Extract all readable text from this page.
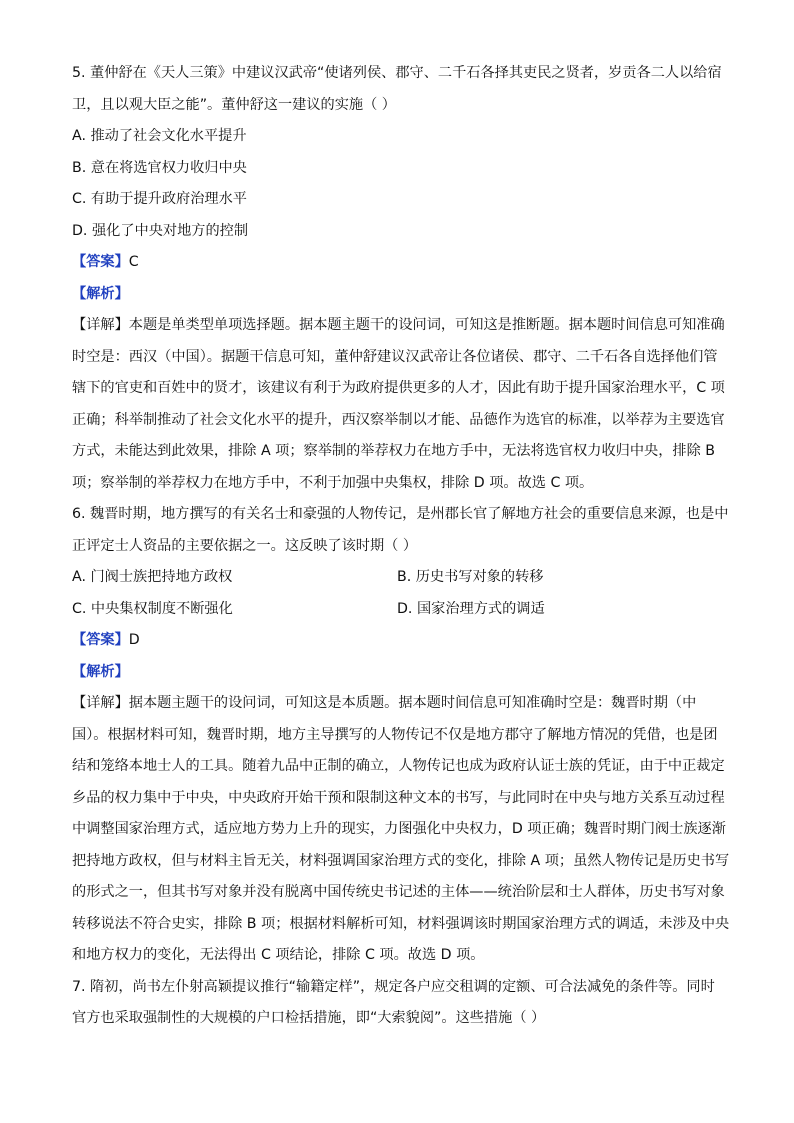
5. 董仲舒在《天人三策》中建议汉武帝“使诸列侯、郡守、二千石各择其吏民之贤者，岁贡各二人以给宿
卫，且以观大臣之能”。董仲舒这一建议的实施（ ）
A. 推动了社会文化水平提升
B. 意在将选官权力收归中央
C. 有助于提升政府治理水平
D. 强化了中央对地方的控制
【答案】C
【解析】
【详解】本题是单类型单项选择题。据本题主题干的设问词，可知这是推断题。据本题时间信息可知准确
时空是：西汉（中国）。据题干信息可知，董仲舒建议汉武帝让各位诸侯、郡守、二千石各自选择他们管
辖下的官吏和百姓中的贤才，该建议有利于为政府提供更多的人才，因此有助于提升国家治理水平，C 项
正确；科举制推动了社会文化水平的提升，西汉察举制以才能、品德作为选官的标准，以举荐为主要选官
方式，未能达到此效果，排除 A 项；察举制的举荐权力在地方手中，无法将选官权力收归中央，排除 B
项；察举制的举荐权力在地方手中，不利于加强中央集权，排除 D 项。故选 C 项。
6. 魏晋时期，地方撰写的有关名士和豪强的人物传记，是州郡长官了解地方社会的重要信息来源，也是中
正评定士人资品的主要依据之一。这反映了该时期（ ）
A. 门阀士族把持地方政权	B. 历史书写对象的转移
C. 中央集权制度不断强化	D. 国家治理方式的调适
【答案】D
【解析】
【详解】据本题主题干的设问词，可知这是本质题。据本题时间信息可知准确时空是：魏晋时期（中
国）。根据材料可知，魏晋时期，地方主导撰写的人物传记不仅是地方郡守了解地方情况的凭借，也是团
结和笼络本地士人的工具。随着九品中正制的确立，人物传记也成为政府认证士族的凭证，由于中正裁定
乡品的权力集中于中央，中央政府开始干预和限制这种文本的书写，与此同时在中央与地方关系互动过程
中调整国家治理方式，适应地方势力上升的现实，力图强化中央权力，D 项正确；魏晋时期门阀士族逐渐
把持地方政权，但与材料主旨无关，材料强调国家治理方式的变化，排除 A 项；虽然人物传记是历史书写
的形式之一，但其书写对象并没有脱离中国传统史书记述的主体——统治阶层和士人群体，历史书写对象
转移说法不符合史实，排除 B 项；根据材料解析可知，材料强调该时期国家治理方式的调适，未涉及中央
和地方权力的变化，无法得出 C 项结论，排除 C 项。故选 D 项。
7. 隋初，尚书左仆射高颖提议推行“输籍定样”，规定各户应交租调的定额、可合法减免的条件等。同时
官方也采取强制性的大规模的户口检括措施，即“大索貌阅”。这些措施（ ）
